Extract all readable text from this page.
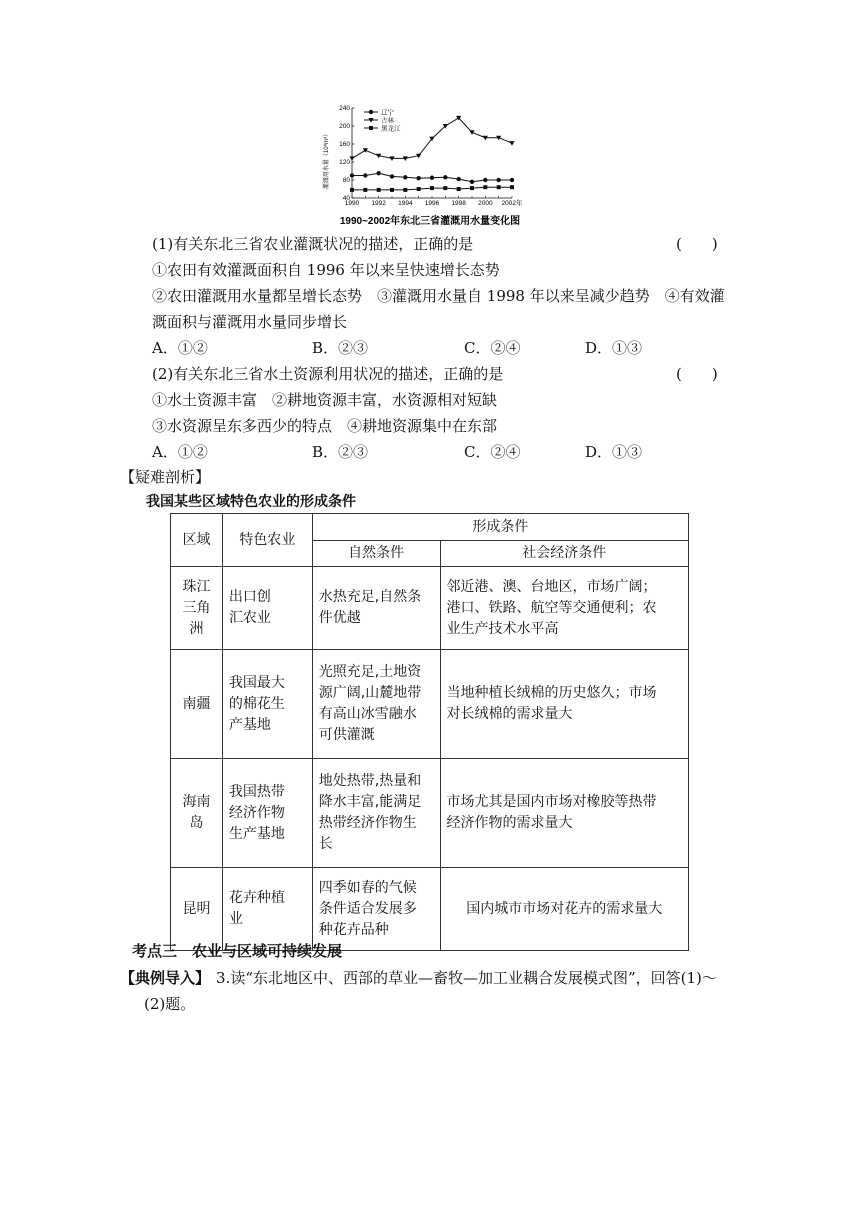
40
80
120
160
200
240
1990 1992 1994 1996 1998 2000 2002年
辽宁
吉林
黑龙江
灌溉用水量（10⁸m³）
1990~2002年东北三省灌溉用水量变化图
(1)有关东北三省农业灌溉状况的描述，正确的是	(　　)
①农田有效灌溉面积自 1996 年以来呈快速增长态势
②农田灌溉用水量都呈增长态势　③灌溉用水量自 1998 年以来呈减少趋势　④有效灌
溉面积与灌溉用水量同步增长
A．①②	B．②③	C．②④	D．①③
(2)有关东北三省水土资源利用状况的描述，正确的是	(　　)
①水土资源丰富　②耕地资源丰富，水资源相对短缺
③水资源呈东多西少的特点　④耕地资源集中在东部
A．①②	B．②③	C．②④	D．①③
【疑难剖析】
我国某些区域特色农业的形成条件
区域	特色农业	形成条件	
		自然条件	社会经济条件
珠江
三角
洲	出口创
汇农业	水热充足,自然条
件优越	邻近港、澳、台地区，市场广阔；
港口、铁路、航空等交通便利；农
业生产技术水平高
南疆	我国最大
的棉花生
产基地	光照充足,土地资
源广阔,山麓地带
有高山冰雪融水
可供灌溉	当地种植长绒棉的历史悠久；市场
对长绒棉的需求量大
海南
岛	我国热带
经济作物
生产基地	地处热带,热量和
降水丰富,能满足
热带经济作物生
长	市场尤其是国内市场对橡胶等热带
经济作物的需求量大
昆明	花卉种植
业	四季如春的气候
条件适合发展多
种花卉品种	国内城市市场对花卉的需求量大
考点三　农业与区域可持续发展
【典例导入】 3.读“东北地区中、西部的草业—畜牧—加工业耦合发展模式图”，回答(1)～
(2)题。
